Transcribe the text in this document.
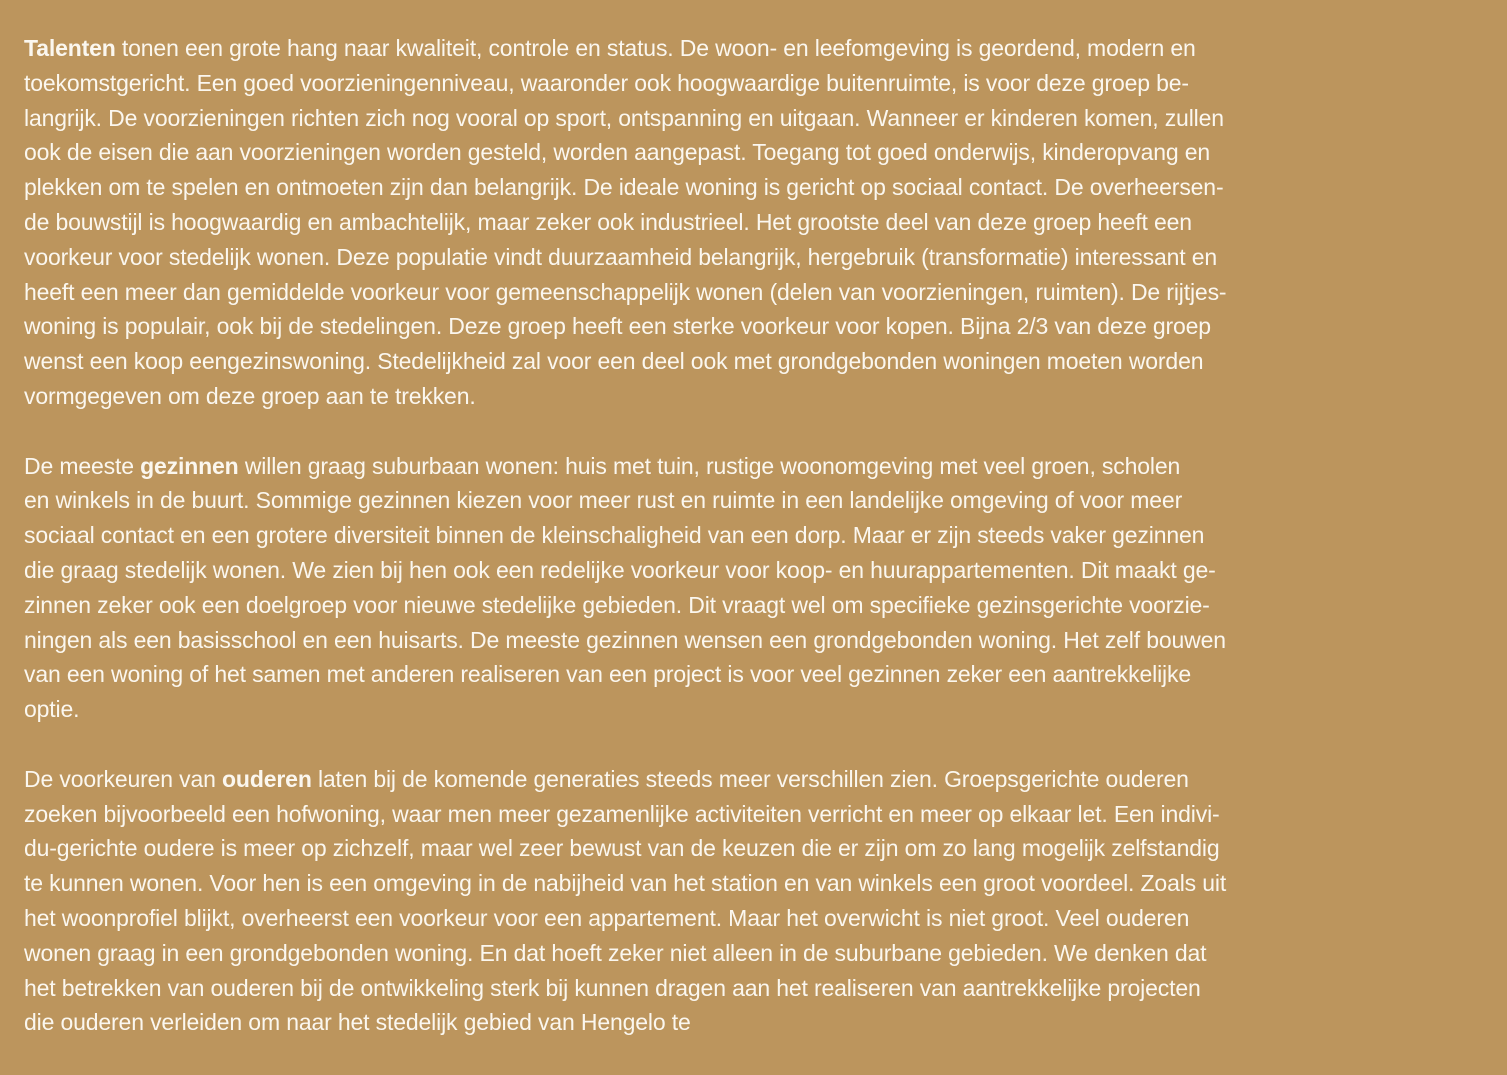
Talenten tonen een grote hang naar kwaliteit, controle en status. De woon- en leefomgeving is geordend, modern en
toekomstgericht. Een goed voorzieningenniveau, waaronder ook hoogwaardige buitenruimte, is voor deze groep be-
langrijk. De voorzieningen richten zich nog vooral op sport, ontspanning en uitgaan. Wanneer er kinderen komen, zullen
ook de eisen die aan voorzieningen worden gesteld, worden aangepast. Toegang tot goed onderwijs, kinderopvang en
plekken om te spelen en ontmoeten zijn dan belangrijk. De ideale woning is gericht op sociaal contact. De overheersen-
de bouwstijl is hoogwaardig en ambachtelijk, maar zeker ook industrieel. Het grootste deel van deze groep heeft een
voorkeur voor stedelijk wonen. Deze populatie vindt duurzaamheid belangrijk, hergebruik (transformatie) interessant en
heeft een meer dan gemiddelde voorkeur voor gemeenschappelijk wonen (delen van voorzieningen, ruimten). De rijtjes-
woning is populair, ook bij de stedelingen. Deze groep heeft een sterke voorkeur voor kopen. Bijna 2/3 van deze groep
wenst een koop eengezinswoning. Stedelijkheid zal voor een deel ook met grondgebonden woningen moeten worden
vormgegeven om deze groep aan te trekken.
De meeste gezinnen willen graag suburbaan wonen: huis met tuin, rustige woonomgeving met veel groen, scholen
en winkels in de buurt. Sommige gezinnen kiezen voor meer rust en ruimte in een landelijke omgeving of voor meer
sociaal contact en een grotere diversiteit binnen de kleinschaligheid van een dorp. Maar er zijn steeds vaker gezinnen
die graag stedelijk wonen. We zien bij hen ook een redelijke voorkeur voor koop- en huurappartementen. Dit maakt ge-
zinnen zeker ook een doelgroep voor nieuwe stedelijke gebieden. Dit vraagt wel om specifieke gezinsgerichte voorzie-
ningen als een basisschool en een huisarts. De meeste gezinnen wensen een grondgebonden woning. Het zelf bouwen
van een woning of het samen met anderen realiseren van een project is voor veel gezinnen zeker een aantrekkelijke
optie.
De voorkeuren van ouderen laten bij de komende generaties steeds meer verschillen zien. Groepsgerichte ouderen
zoeken bijvoorbeeld een hofwoning, waar men meer gezamenlijke activiteiten verricht en meer op elkaar let. Een indivi-
du-gerichte oudere is meer op zichzelf, maar wel zeer bewust van de keuzen die er zijn om zo lang mogelijk zelfstandig
te kunnen wonen. Voor hen is een omgeving in de nabijheid van het station en van winkels een groot voordeel. Zoals uit
het woonprofiel blijkt, overheerst een voorkeur voor een appartement. Maar het overwicht is niet groot. Veel ouderen
wonen graag in een grondgebonden woning. En dat hoeft zeker niet alleen in de suburbane gebieden. We denken dat
het betrekken van ouderen bij de ontwikkeling sterk bij kunnen dragen aan het realiseren van aantrekkelijke projecten
die ouderen verleiden om naar het stedelijk gebied van Hengelo te
